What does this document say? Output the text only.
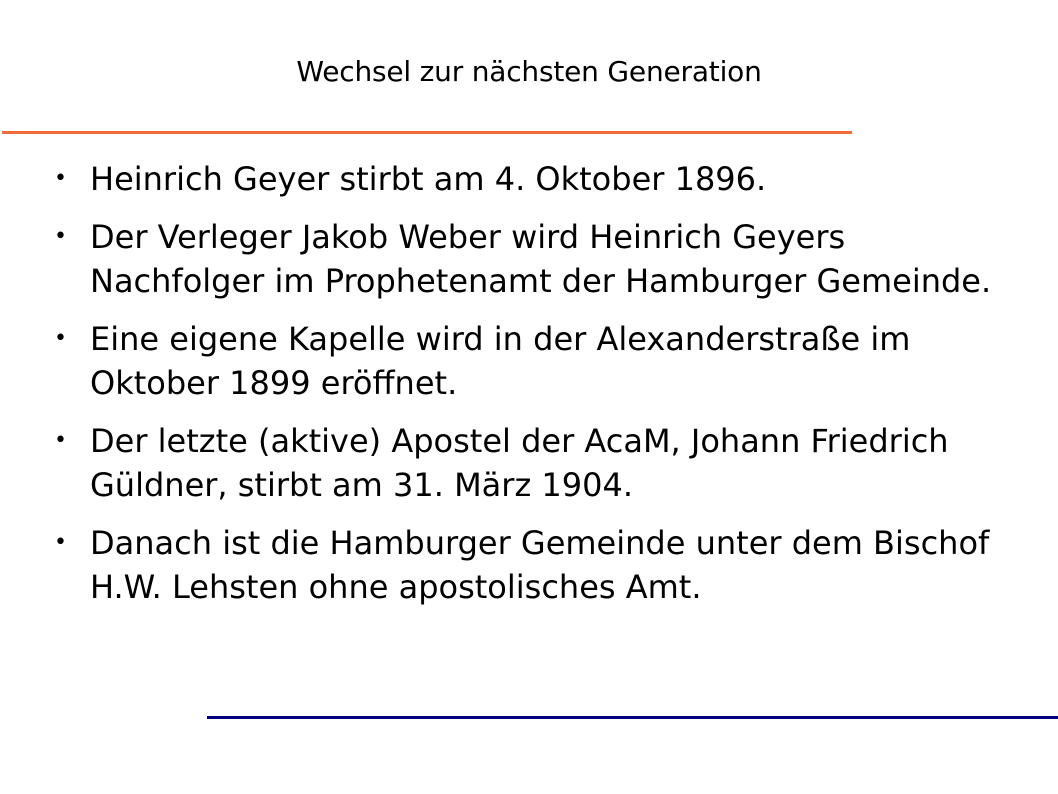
Wechsel zur nächsten Generation
• Heinrich Geyer stirbt am 4. Oktober 1896.
• Der Verleger Jakob Weber wird Heinrich Geyers Nachfolger im Prophetenamt der Hamburger Gemeinde.
• Eine eigene Kapelle wird in der Alexanderstraße im Oktober 1899 eröffnet.
• Der letzte (aktive) Apostel der AcaM, Johann Friedrich Güldner, stirbt am 31. März 1904.
• Danach ist die Hamburger Gemeinde unter dem Bischof H.W. Lehsten ohne apostolisches Amt.
